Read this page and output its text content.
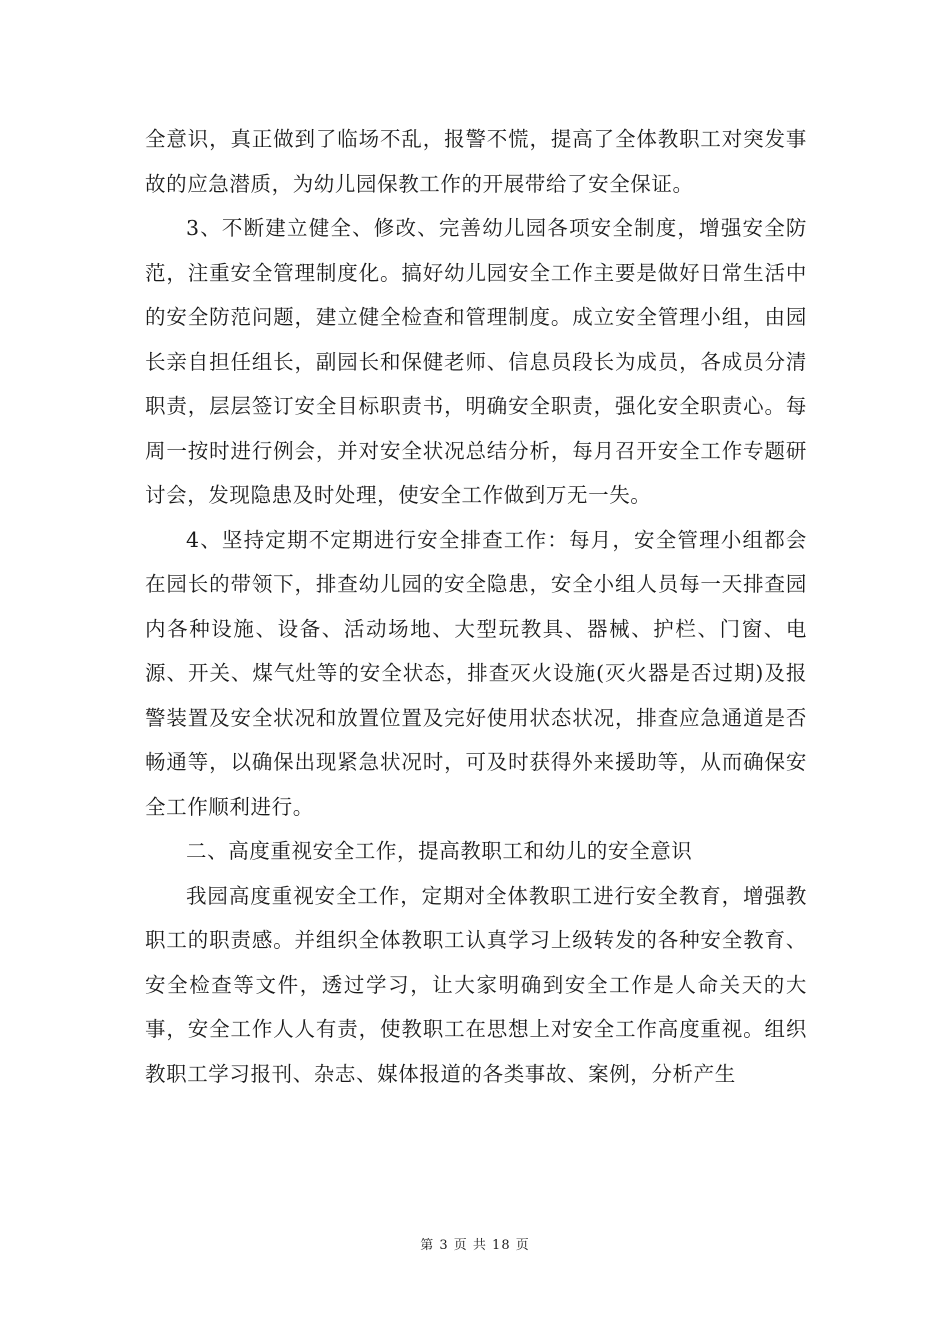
全意识，真正做到了临场不乱，报警不慌，提高了全体教职工对突发事故的应急潜质，为幼儿园保教工作的开展带给了安全保证。

3、不断建立健全、修改、完善幼儿园各项安全制度，增强安全防范，注重安全管理制度化。搞好幼儿园安全工作主要是做好日常生活中的安全防范问题，建立健全检查和管理制度。成立安全管理小组，由园长亲自担任组长，副园长和保健老师、信息员段长为成员，各成员分清职责，层层签订安全目标职责书，明确安全职责，强化安全职责心。每周一按时进行例会，并对安全状况总结分析，每月召开安全工作专题研讨会，发现隐患及时处理，使安全工作做到万无一失。

4、坚持定期不定期进行安全排查工作：每月，安全管理小组都会在园长的带领下，排查幼儿园的安全隐患，安全小组人员每一天排查园内各种设施、设备、活动场地、大型玩教具、器械、护栏、门窗、电源、开关、煤气灶等的安全状态，排查灭火设施(灭火器是否过期)及报警装置及安全状况和放置位置及完好使用状态状况，排查应急通道是否畅通等，以确保出现紧急状况时，可及时获得外来援助等，从而确保安全工作顺利进行。

二、高度重视安全工作，提高教职工和幼儿的安全意识

我园高度重视安全工作，定期对全体教职工进行安全教育，增强教职工的职责感。并组织全体教职工认真学习上级转发的各种安全教育、安全检查等文件，透过学习，让大家明确到安全工作是人命关天的大事，安全工作人人有责，使教职工在思想上对安全工作高度重视。组织教职工学习报刊、杂志、媒体报道的各类事故、案例，分析产生

第 3 页 共 18 页
